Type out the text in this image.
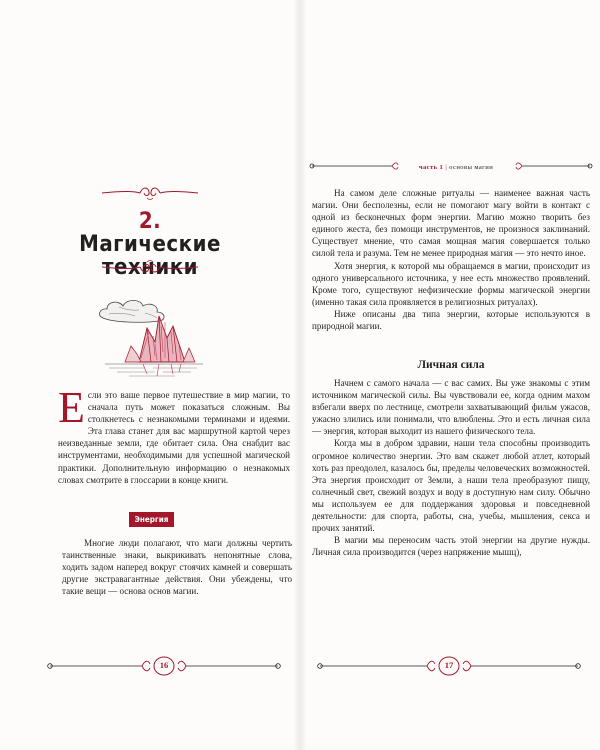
2. Магические
техники

Если это ваше первое путешествие в мир магии, то сначала путь может показаться сложным. Вы столкнетесь с незнакомыми терминами и идеями. Эта глава станет для вас маршрутной картой через неизведанные земли, где обитает сила. Она снабдит вас инструментами, необходимыми для успешной магической практики. Дополнительную информацию о незнакомых словах смотрите в глоссарии в конце книги.

Энергия

Многие люди полагают, что маги должны чертить таинственные знаки, выкрикивать непонятные слова, ходить задом наперед вокруг стоячих камней и совершать другие экстравагантные действия. Они убеждены, что такие вещи — основа основ магии.

16
часть 1 | основы магии

На самом деле сложные ритуалы — наименее важная часть магии. Они бесполезны, если не помогают магу войти в контакт с одной из бесконечных форм энергии. Магию можно творить без единого жеста, без помощи инструментов, не произнося заклинаний. Существует мнение, что самая мощная магия совершается только силой тела и разума. Тем не менее природная магия — это нечто иное.

Хотя энергия, к которой мы обращаемся в магии, происходит из одного универсального источника, у нее есть множество проявлений. Кроме того, существуют нефизические формы магической энергии (именно такая сила проявляется в религиозных ритуалах).

Ниже описаны два типа энергии, которые используются в природной магии.

Личная сила

Начнем с самого начала — с вас самих. Вы уже знакомы с этим источником магической силы. Вы чувствовали ее, когда одним махом взбегали вверх по лестнице, смотрели захватывающий фильм ужасов, ужасно злились или понимали, что влюблены. Это и есть личная сила — энергия, которая выходит из нашего физического тела.

Когда мы в добром здравии, наши тела способны производить огромное количество энергии. Это вам скажет любой атлет, который хоть раз преодолел, казалось бы, пределы человеческих возможностей. Эта энергия происходит от Земли, а наши тела преобразуют пищу, солнечный свет, свежий воздух и воду в доступную нам силу. Обычно мы используем ее для поддержания здоровья и повседневной деятельности: для спорта, работы, сна, учебы, мышления, секса и прочих занятий.

В магии мы переносим часть этой энергии на другие нужды. Личная сила производится (через напряжение мышц),

17
